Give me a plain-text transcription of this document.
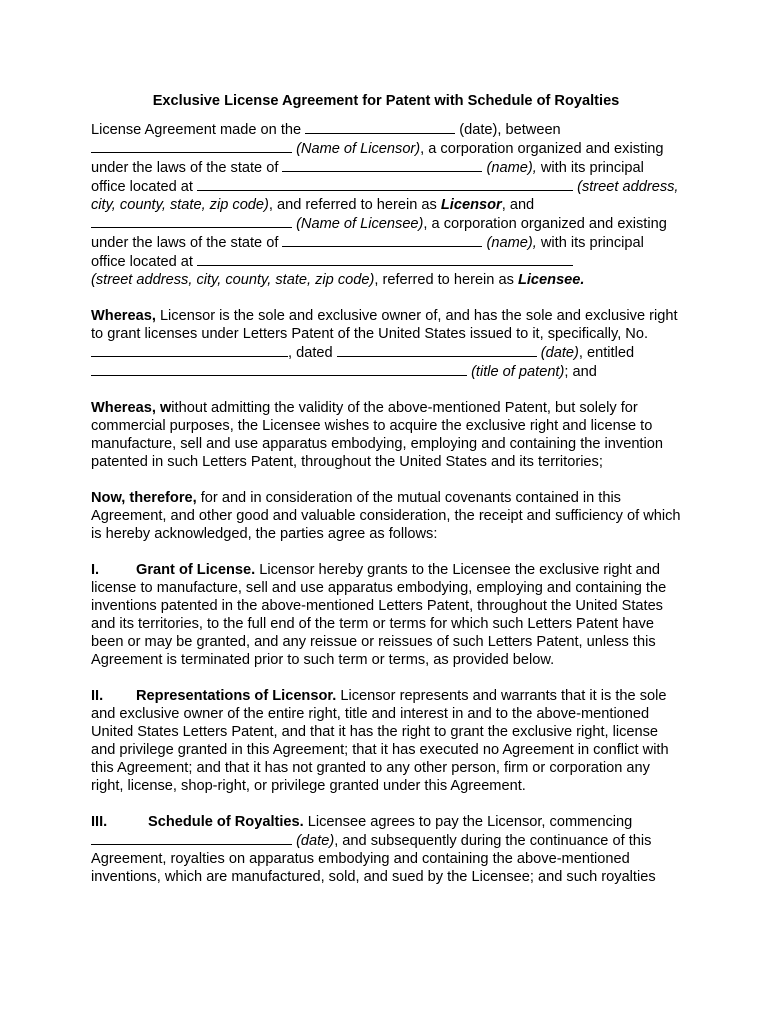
Exclusive License Agreement for Patent with Schedule of Royalties

License Agreement made on the	(date), between
(Name of Licensor), a corporation organized and existing under the laws of the state of	(name), with its principal office located at	(street address, city, county, state, zip code), and referred to herein as Licensor, and
(Name of Licensee), a corporation organized and existing under the laws of the state of	(name), with its principal office located at
(street address, city, county, state, zip code), referred to herein as Licensee.

Whereas, Licensor is the sole and exclusive owner of, and has the sole and exclusive right to grant licenses under Letters Patent of the United States issued to it, specifically, No. , dated	(date), entitled
(title of patent); and

Whereas, without admitting the validity of the above-mentioned Patent, but solely for commercial purposes, the Licensee wishes to acquire the exclusive right and license to manufacture, sell and use apparatus embodying, employing and containing the invention patented in such Letters Patent, throughout the United States and its territories;

Now, therefore, for and in consideration of the mutual covenants contained in this Agreement, and other good and valuable consideration, the receipt and sufficiency of which is hereby acknowledged, the parties agree as follows:

I.	Grant of License. Licensor hereby grants to the Licensee the exclusive right and license to manufacture, sell and use apparatus embodying, employing and containing the inventions patented in the above-mentioned Letters Patent, throughout the United States and its territories, to the full end of the term or terms for which such Letters Patent have been or may be granted, and any reissue or reissues of such Letters Patent, unless this Agreement is terminated prior to such term or terms, as provided below.

II. Representations of Licensor. Licensor represents and warrants that it is the sole and exclusive owner of the entire right, title and interest in and to the above-mentioned United States Letters Patent, and that it has the right to grant the exclusive right, license and privilege granted in this Agreement; that it has executed no Agreement in conflict with this Agreement; and that it has not granted to any other person, firm or corporation any right, license, shop-right, or privilege granted under this Agreement.

III.	Schedule of Royalties. Licensee agrees to pay the Licensor, commencing
(date), and subsequently during the continuance of this Agreement, royalties on apparatus embodying and containing the above-mentioned inventions, which are manufactured, sold, and sued by the Licensee; and such royalties
